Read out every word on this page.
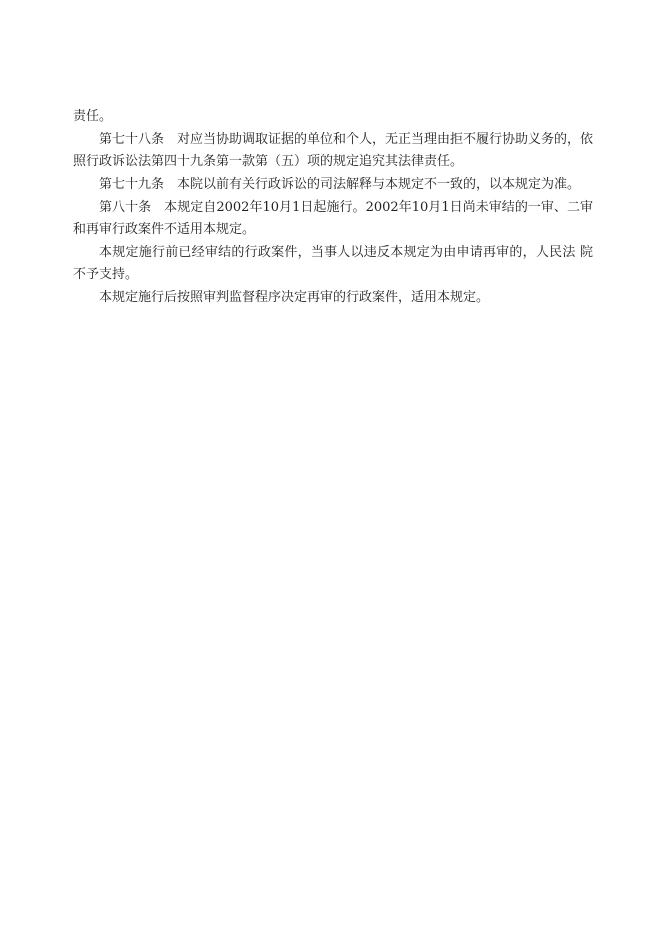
责任。

第七十八条　对应当协助调取证据的单位和个人，无正当理由拒不履行协助义务的，依照行政诉讼法第四十九条第一款第（五）项的规定追究其法律责任。

第七十九条　本院以前有关行政诉讼的司法解释与本规定不一致的，以本规定为准。

第八十条　本规定自2002年10月1日起施行。2002年10月1日尚未审结的一审、二审 和再审行政案件不适用本规定。

本规定施行前已经审结的行政案件，当事人以违反本规定为由申请再审的，人民法 院不予支持。

本规定施行后按照审判监督程序决定再审的行政案件，适用本规定。
